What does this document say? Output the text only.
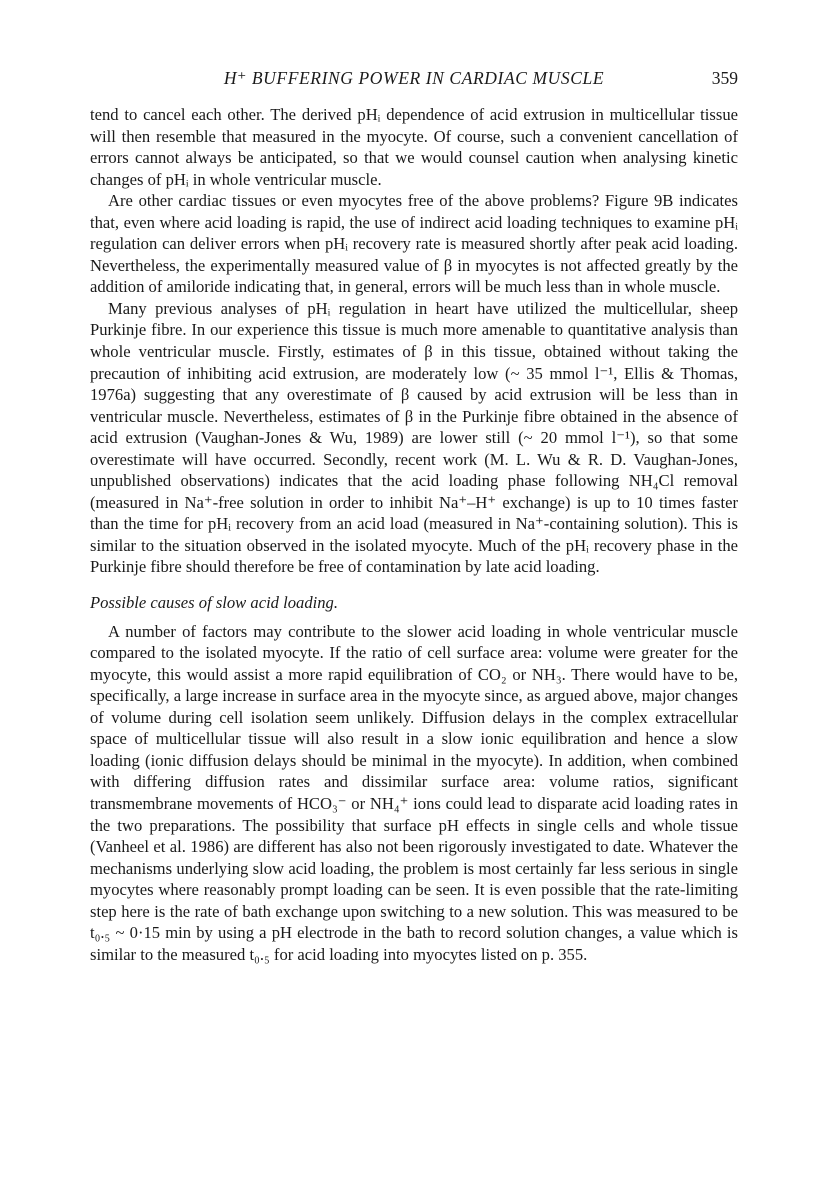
H⁺ BUFFERING POWER IN CARDIAC MUSCLE	359

tend to cancel each other. The derived pHᵢ dependence of acid extrusion in multicellular tissue will then resemble that measured in the myocyte. Of course, such a convenient cancellation of errors cannot always be anticipated, so that we would counsel caution when analysing kinetic changes of pHᵢ in whole ventricular muscle.

Are other cardiac tissues or even myocytes free of the above problems? Figure 9B indicates that, even where acid loading is rapid, the use of indirect acid loading techniques to examine pHᵢ regulation can deliver errors when pHᵢ recovery rate is measured shortly after peak acid loading. Nevertheless, the experimentally measured value of β in myocytes is not affected greatly by the addition of amiloride indicating that, in general, errors will be much less than in whole muscle.

Many previous analyses of pHᵢ regulation in heart have utilized the multicellular, sheep Purkinje fibre. In our experience this tissue is much more amenable to quantitative analysis than whole ventricular muscle. Firstly, estimates of β in this tissue, obtained without taking the precaution of inhibiting acid extrusion, are moderately low (~ 35 mmol l⁻¹, Ellis & Thomas, 1976a) suggesting that any overestimate of β caused by acid extrusion will be less than in ventricular muscle. Nevertheless, estimates of β in the Purkinje fibre obtained in the absence of acid extrusion (Vaughan-Jones & Wu, 1989) are lower still (~ 20 mmol l⁻¹), so that some overestimate will have occurred. Secondly, recent work (M. L. Wu & R. D. Vaughan-Jones, unpublished observations) indicates that the acid loading phase following NH₄Cl removal (measured in Na⁺-free solution in order to inhibit Na⁺–H⁺ exchange) is up to 10 times faster than the time for pHᵢ recovery from an acid load (measured in Na⁺-containing solution). This is similar to the situation observed in the isolated myocyte. Much of the pHᵢ recovery phase in the Purkinje fibre should therefore be free of contamination by late acid loading.

Possible causes of slow acid loading.

A number of factors may contribute to the slower acid loading in whole ventricular muscle compared to the isolated myocyte. If the ratio of cell surface area: volume were greater for the myocyte, this would assist a more rapid equilibration of CO₂ or NH₃. There would have to be, specifically, a large increase in surface area in the myocyte since, as argued above, major changes of volume during cell isolation seem unlikely. Diffusion delays in the complex extracellular space of multicellular tissue will also result in a slow ionic equilibration and hence a slow loading (ionic diffusion delays should be minimal in the myocyte). In addition, when combined with differing diffusion rates and dissimilar surface area: volume ratios, significant transmembrane movements of HCO₃⁻ or NH₄⁺ ions could lead to disparate acid loading rates in the two preparations. The possibility that surface pH effects in single cells and whole tissue (Vanheel et al. 1986) are different has also not been rigorously investigated to date. Whatever the mechanisms underlying slow acid loading, the problem is most certainly far less serious in single myocytes where reasonably prompt loading can be seen. It is even possible that the rate-limiting step here is the rate of bath exchange upon switching to a new solution. This was measured to be t₀.₅ ~ 0·15 min by using a pH electrode in the bath to record solution changes, a value which is similar to the measured t₀.₅ for acid loading into myocytes listed on p. 355.
